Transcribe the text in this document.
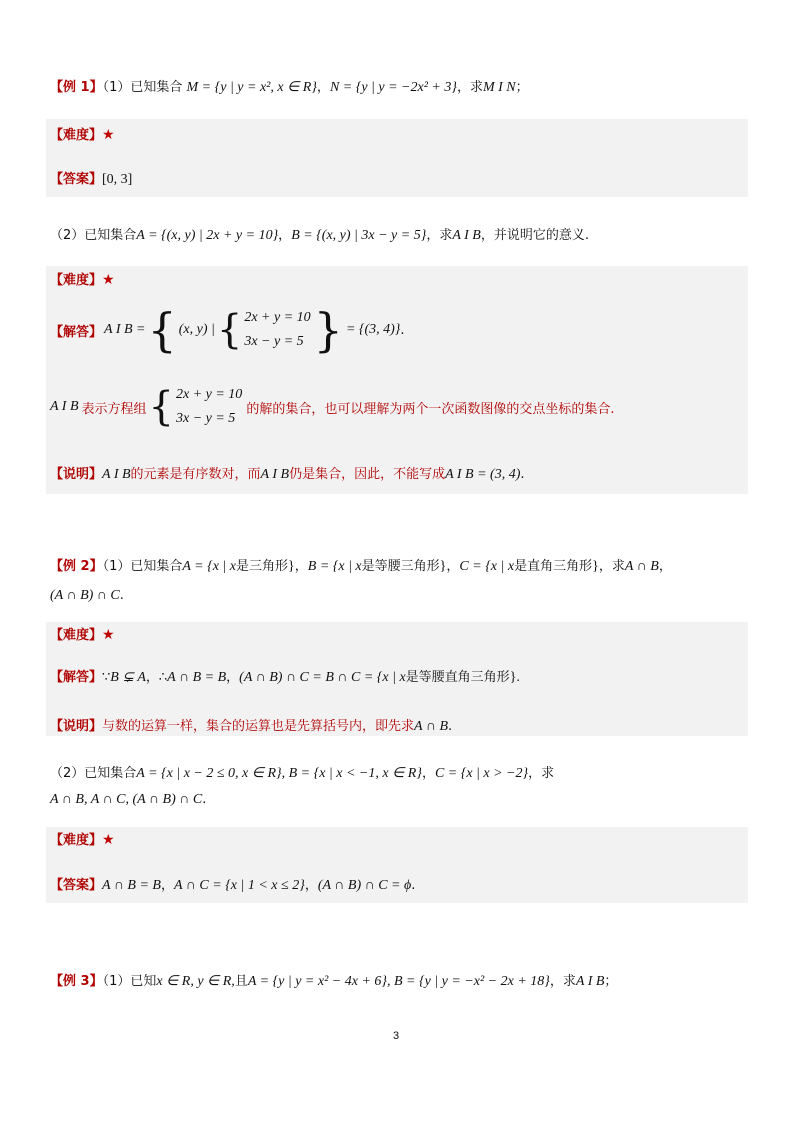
【例 1】（1）已知集合 M = {y | y = x², x ∈ R}，N = {y | y = −2x² + 3}，求M I N；
【难度】★
【答案】[0, 3]
（2）已知集合A = {(x, y) | 2x + y = 10}，B = {(x, y) | 3x − y = 5}，求A I B，并说明它的意义.
【难度】★
【解答】 A I B = { (x, y) | { 2x + y = 10
3x − y = 5 } = {(3, 4)} .
A I B 表示方程组 { 2x + y = 10
3x − y = 5
的解的集合，也可以理解为两个一次函数图像的交点坐标的集合.
【说明】A I B的元素是有序数对，而A I B仍是集合，因此，不能写成A I B = (3, 4).
【例 2】（1）已知集合A = {x | x是三角形}，B = {x | x是等腰三角形}，C = {x | x是直角三角形}，求A ∩ B，
(A ∩ B) ∩ C.
【难度】★
【解答】∵B ⊊ A，∴A ∩ B = B，(A ∩ B) ∩ C = B ∩ C = {x | x是等腰直角三角形}.
【说明】与数的运算一样，集合的运算也是先算括号内，即先求A ∩ B.
（2）已知集合A = {x | x − 2 ≤ 0, x ∈ R}, B = {x | x < −1, x ∈ R}，C = {x | x > −2}，求
A ∩ B, A ∩ C, (A ∩ B) ∩ C.
【难度】★
【答案】A ∩ B = B，A ∩ C = {x | 1 < x ≤ 2}，(A ∩ B) ∩ C = ϕ.
【例 3】（1）已知x ∈ R, y ∈ R,且A = {y | y = x² − 4x + 6}, B = {y | y = −x² − 2x + 18}，求A I B；
3
